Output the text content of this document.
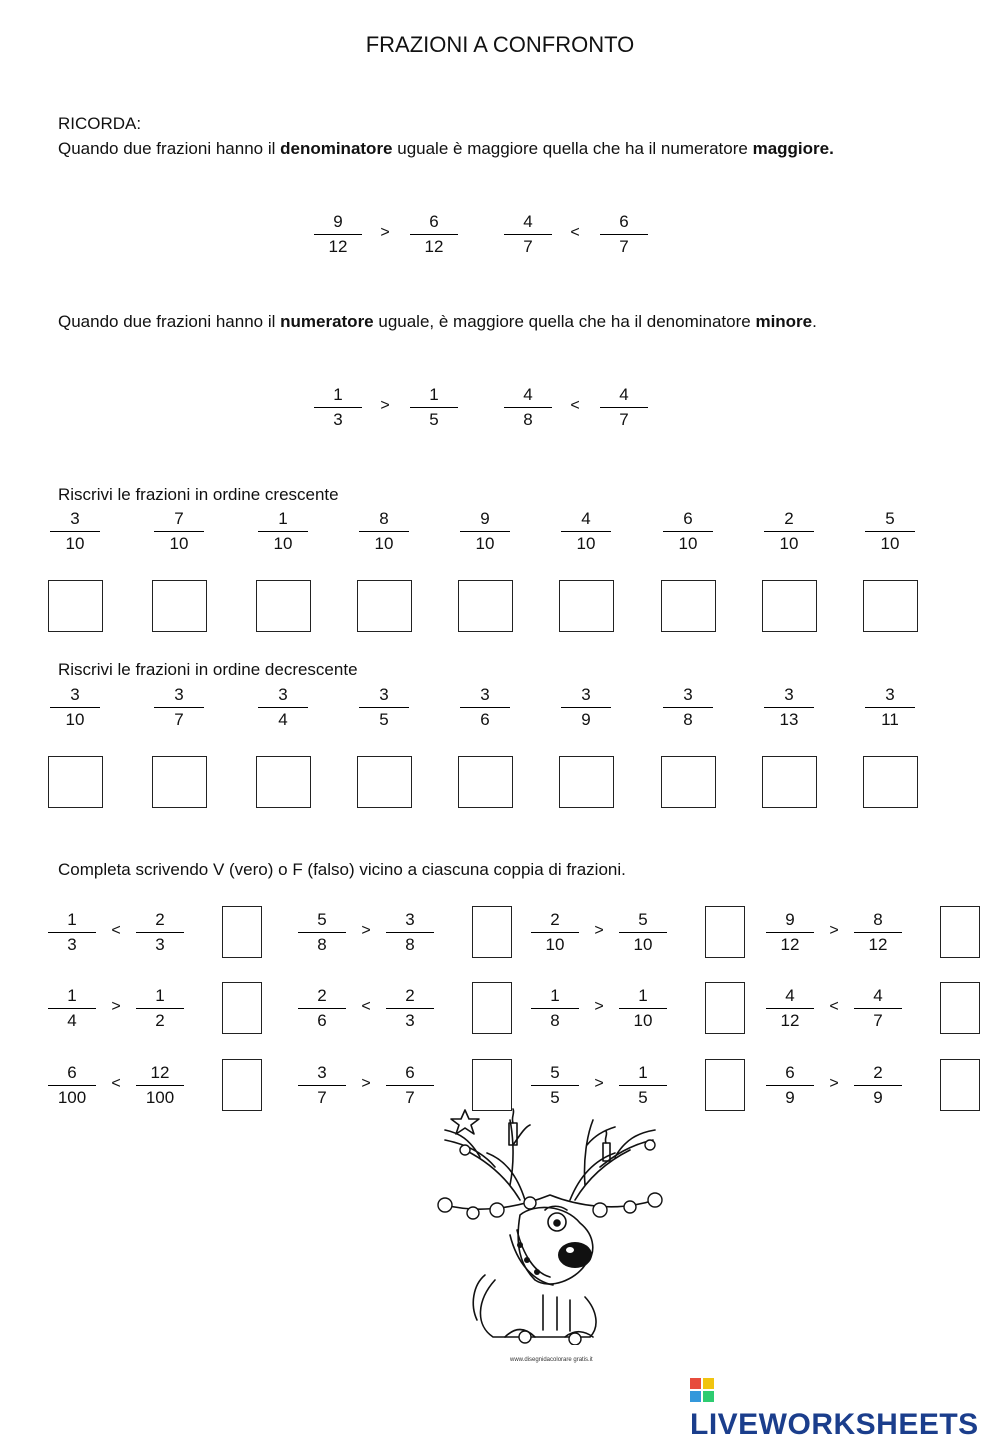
FRAZIONI A CONFRONTO
RICORDA:
Quando due frazioni hanno il denominatore uguale è maggiore quella che ha il numeratore maggiore.
9
12
>
6
12
4
7
<
6
7
Quando due frazioni hanno il numeratore uguale, è maggiore quella che ha il denominatore minore.
1
3
>
1
5
4
8
<
4
7
Riscrivi le frazioni in ordine crescente
3
10
7
10
1
10
8
10
9
10
4
10
6
10
2
10
5
10
Riscrivi le frazioni in ordine decrescente
3
10
3
7
3
4
3
5
3
6
3
9
3
8
3
13
3
11
Completa scrivendo V (vero) o F (falso) vicino a ciascuna coppia di frazioni.
1
3
<
2
3
5
8
>
3
8
2
10
>
5
10
9
12
>
8
12
1
4
>
1
2
2
6
<
2
3
1
8
>
1
10
4
12
<
4
7
6
100
<
12
100
3
7
>
6
7
5
5
>
1
5
6
9
>
2
9
www.disegnidacolorare gratis.it
LIVEWORKSHEETS
